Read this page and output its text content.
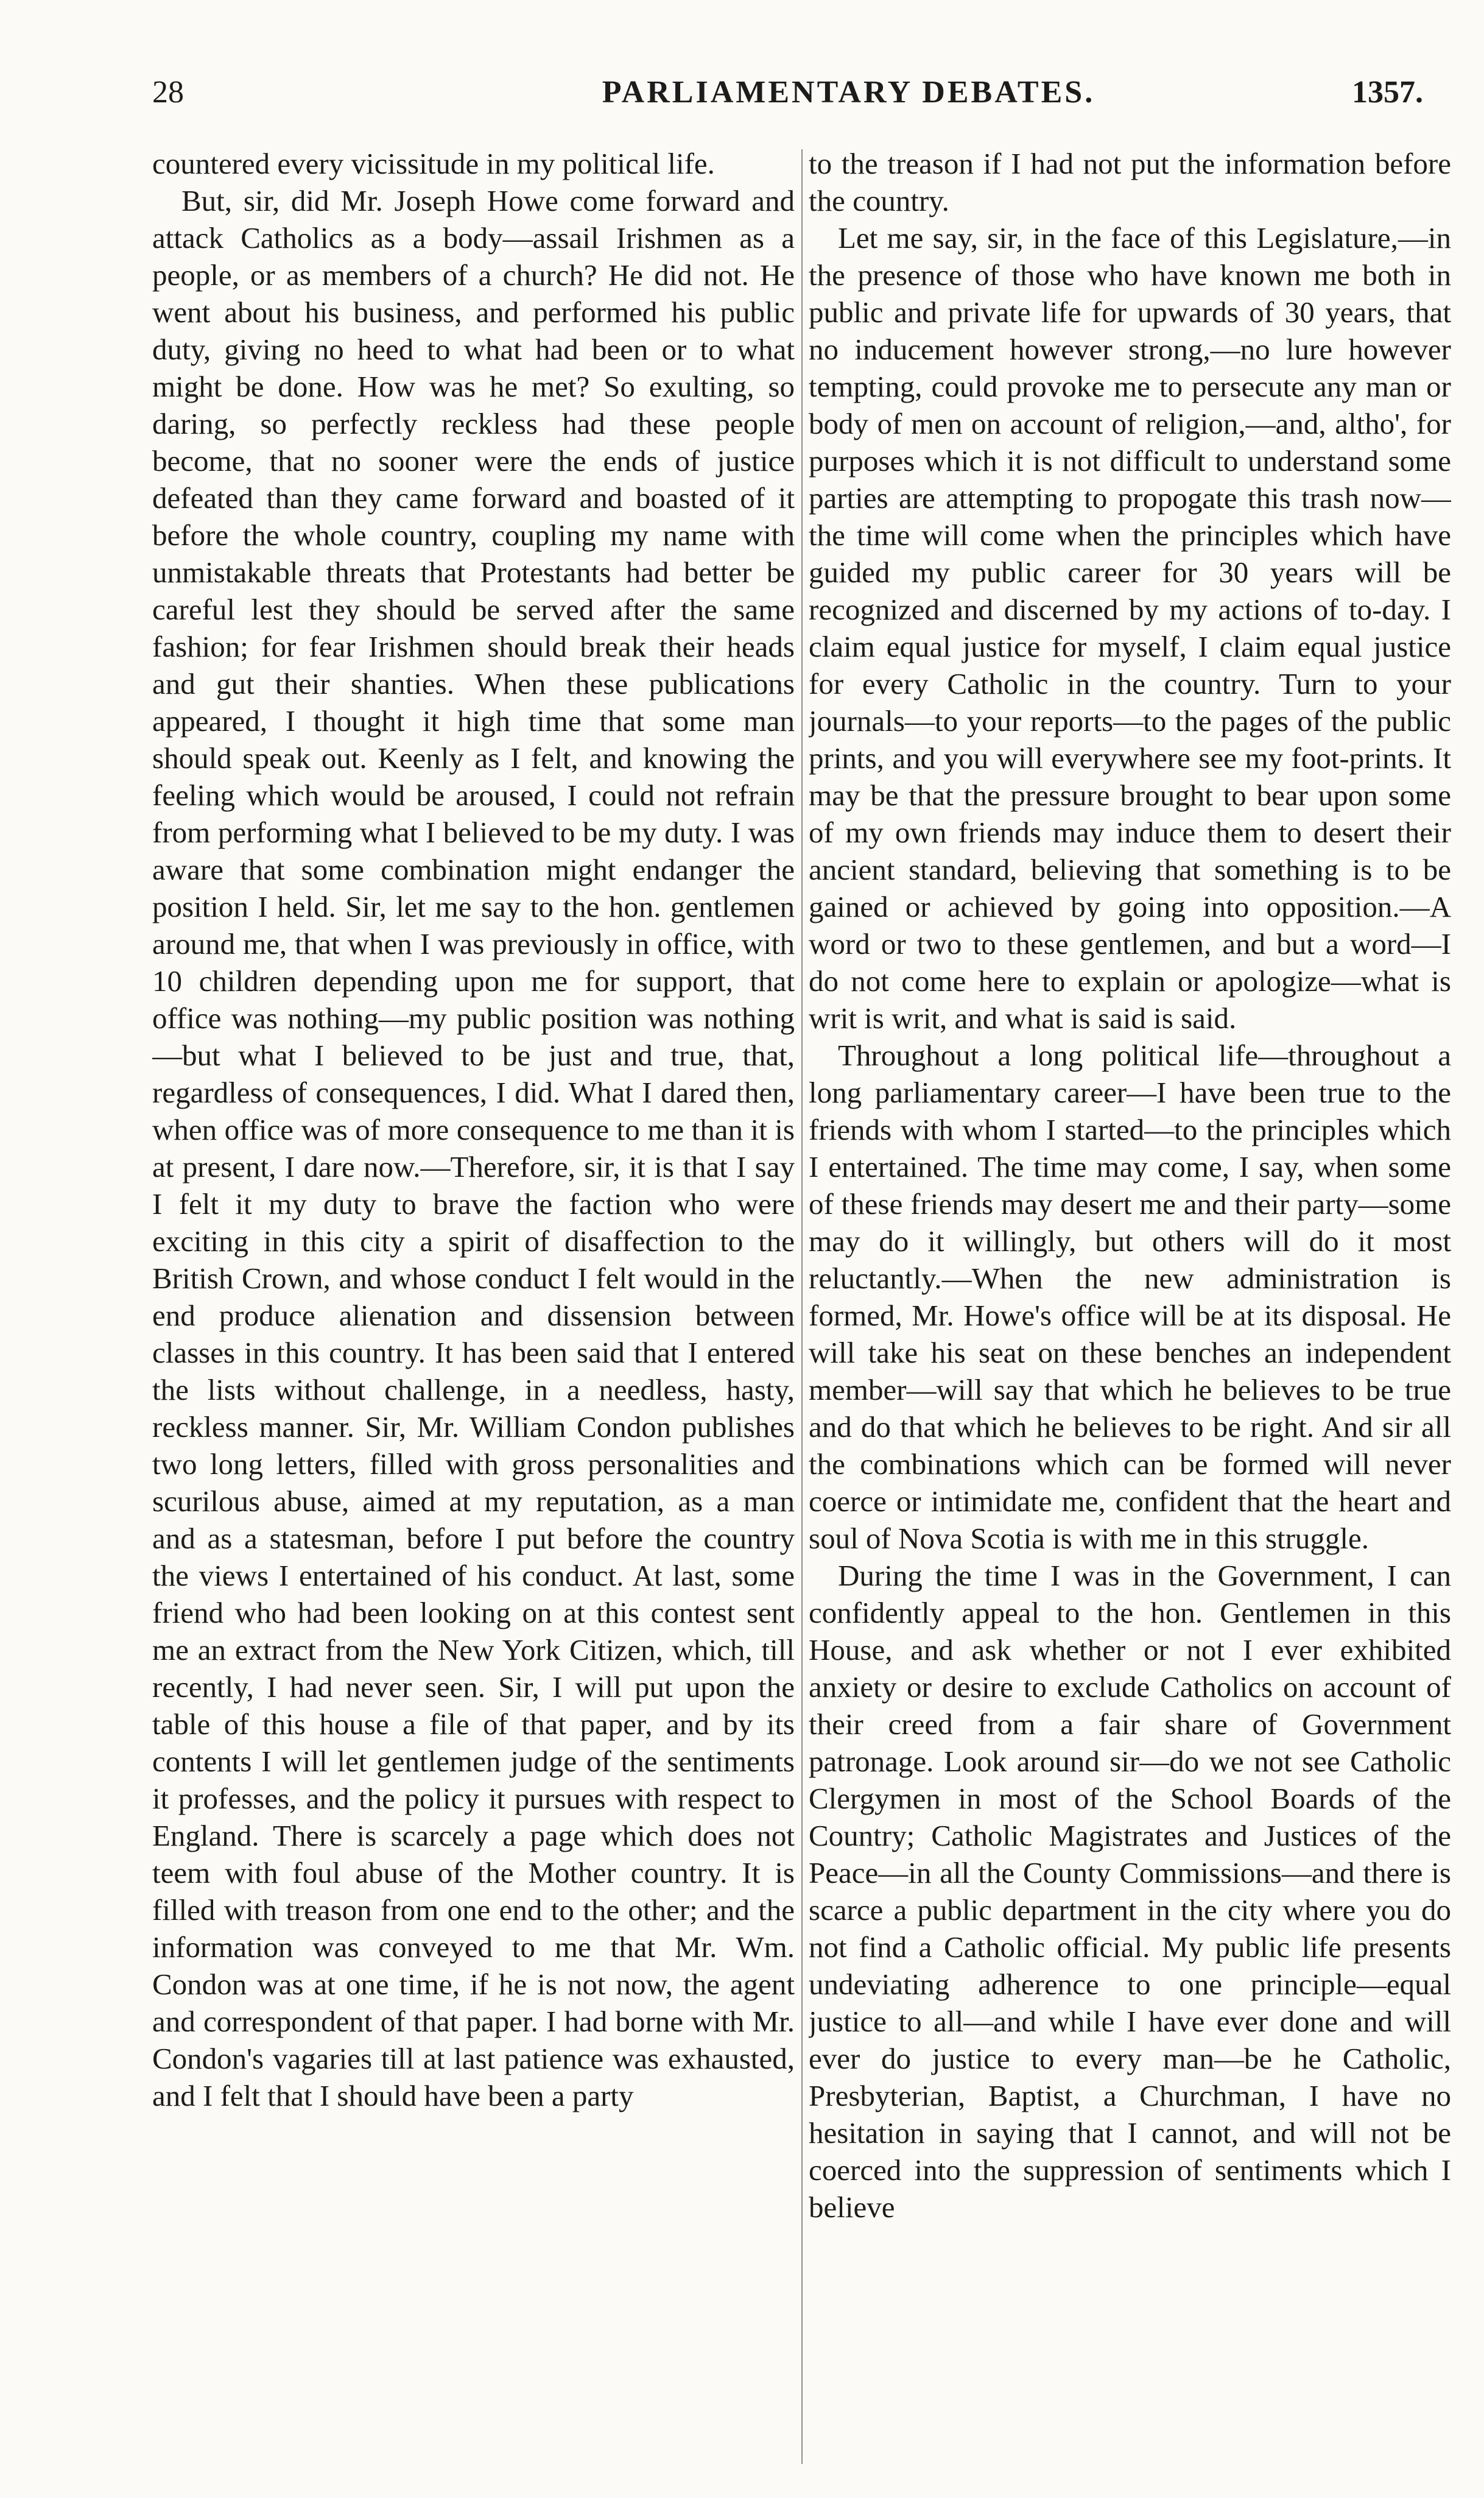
28	PARLIAMENTARY DEBATES.	1357.

countered every vicissitude in my political life.

But, sir, did Mr. Joseph Howe come forward and attack Catholics as a body—assail Irishmen as a people, or as members of a church? He did not. He went about his business, and performed his public duty, giving no heed to what had been or to what might be done. How was he met? So exulting, so daring, so perfectly reckless had these people become, that no sooner were the ends of justice defeated than they came forward and boasted of it before the whole country, coupling my name with unmistakable threats that Protestants had better be careful lest they should be served after the same fashion; for fear Irishmen should break their heads and gut their shanties. When these publications appeared, I thought it high time that some man should speak out. Keenly as I felt, and knowing the feeling which would be aroused, I could not refrain from performing what I believed to be my duty. I was aware that some combination might endanger the position I held. Sir, let me say to the hon. gentlemen around me, that when I was previously in office, with 10 children depending upon me for support, that office was nothing—my public position was nothing—but what I believed to be just and true, that, regardless of consequences, I did. What I dared then, when office was of more consequence to me than it is at present, I dare now.—Therefore, sir, it is that I say I felt it my duty to brave the faction who were exciting in this city a spirit of disaffection to the British Crown, and whose conduct I felt would in the end produce alienation and dissension between classes in this country. It has been said that I entered the lists without challenge, in a needless, hasty, reckless manner. Sir, Mr. William Condon publishes two long letters, filled with gross personalities and scurilous abuse, aimed at my reputation, as a man and as a statesman, before I put before the country the views I entertained of his conduct. At last, some friend who had been looking on at this contest sent me an extract from the New York Citizen, which, till recently, I had never seen. Sir, I will put upon the table of this house a file of that paper, and by its contents I will let gentlemen judge of the sentiments it professes, and the policy it pursues with respect to England. There is scarcely a page which does not teem with foul abuse of the Mother country. It is filled with treason from one end to the other; and the information was conveyed to me that Mr. Wm. Condon was at one time, if he is not now, the agent and correspondent of that paper. I had borne with Mr. Condon's vagaries till at last patience was exhausted, and I felt that I should have been a party

to the treason if I had not put the information before the country.

Let me say, sir, in the face of this Legislature,—in the presence of those who have known me both in public and private life for upwards of 30 years, that no inducement however strong,—no lure however tempting, could provoke me to persecute any man or body of men on account of religion,—and, altho', for purposes which it is not difficult to understand some parties are attempting to propogate this trash now—the time will come when the principles which have guided my public career for 30 years will be recognized and discerned by my actions of to-day. I claim equal justice for myself, I claim equal justice for every Catholic in the country. Turn to your journals—to your reports—to the pages of the public prints, and you will everywhere see my foot-prints. It may be that the pressure brought to bear upon some of my own friends may induce them to desert their ancient standard, believing that something is to be gained or achieved by going into opposition.—A word or two to these gentlemen, and but a word—I do not come here to explain or apologize—what is writ is writ, and what is said is said.

Throughout a long political life—throughout a long parliamentary career—I have been true to the friends with whom I started—to the principles which I entertained. The time may come, I say, when some of these friends may desert me and their party—some may do it willingly, but others will do it most reluctantly.—When the new administration is formed, Mr. Howe's office will be at its disposal. He will take his seat on these benches an independent member—will say that which he believes to be true and do that which he believes to be right. And sir all the combinations which can be formed will never coerce or intimidate me, confident that the heart and soul of Nova Scotia is with me in this struggle.

During the time I was in the Government, I can confidently appeal to the hon. Gentlemen in this House, and ask whether or not I ever exhibited anxiety or desire to exclude Catholics on account of their creed from a fair share of Government patronage. Look around sir—do we not see Catholic Clergymen in most of the School Boards of the Country; Catholic Magistrates and Justices of the Peace—in all the County Commissions—and there is scarce a public department in the city where you do not find a Catholic official. My public life presents undeviating adherence to one principle—equal justice to all—and while I have ever done and will ever do justice to every man—be he Catholic, Presbyterian, Baptist, a Churchman, I have no hesitation in saying that I cannot, and will not be coerced into the suppression of sentiments which I believe
